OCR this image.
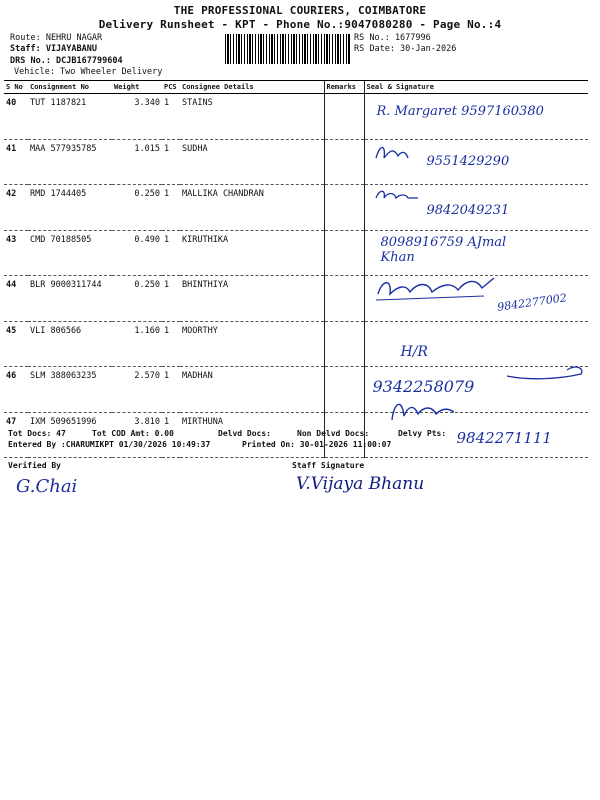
THE PROFESSIONAL COURIERS, COIMBATORE
Delivery Runsheet - KPT - Phone No.:9047080280 - Page No.:4
Route: NEHRU NAGAR
Staff: VIJAYABANU
DRS No.: DCJB167799604
Vehicle: Two Wheeler Delivery
RS No.: 1677996
RS Date: 30-Jan-2026
S No	Consignment No	Weight	PCS	Consignee Details	Remarks	Seal & Signature
40	TUT 1187821	3.340	1	STAINS		R. Margaret 9597160380
41	MAA 577935785	1.015	1	SUDHA		9551429290
42	RMD 1744405	0.250	1	MALLIKA CHANDRAN		9842049231
43	CMD 70188505	0.490	1	KIRUTHIKA		8098916759 AJmal Khan
44	BLR 9000311744	0.250	1	BHINTHIYA		9842277002
45	VLI 806566	1.160	1	MOORTHY		H/R
46	SLM 388063235	2.570	1	MADHAN		9342258079
47	IXM 509651996	3.810	1	MIRTHUNA		9842271111
Tot Docs: 47	Tot COD Amt: 0.00	Delvd Docs:	Non Delvd Docs:	Delvy Pts:
Entered By :CHARUMIKPT 01/30/2026 10:49:37	Printed On: 30-01-2026 11:00:07
Verified By	Staff Signature
G.Chai	V.Vijaya Bhanu
